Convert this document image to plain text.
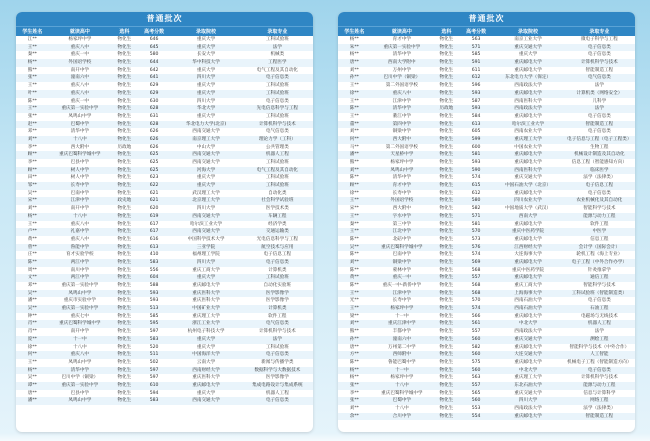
普通批次
学生姓名	就读高中	选科	高考分数	录取院校	录取专业
江**	杨家坪中学	物化生	646	重庆大学	工科试验班
王**	重庆八中	物化生	645	重庆大学	法学
秦**	重庆一中	物化生	580	长安大学	机械类
杨**	外国语学校	物化生	644	华中科技大学	工程医学
熊**	南开中学	物化生	642	重庆大学	电气工程及其自动化
张**	潼南六中	物化生	641	四川大学	电子信息类
王**	重庆八中	物化生	629	重庆大学	工科试验班
叶**	重庆八中	物化生	629	重庆大学	工科试验班
陈**	重庆一中	物化生	630	四川大学	电子信息类
王**	重庆第一实验中学	物化生	628	华北大学	先电信息科学与工程
张**	凤鸣山中学	物化生	631	重庆大学	工科试验班
赵**	巴蜀中学	物化生	628	华北电力大学(北京)	计算机科学与技术
邓**	清华中学	物化生	626	西南交通大学	电气信息类
刘**	十八中	物化生	626	南京理工大学	理论力学（工科）
李**	西大附中	历政地	626	中山大学	公共管理类
顾**	重庆巴蜀科学城中学	物化生	625	西南交通大学	机器人工程
李**	巴县中学	物化生	625	西南交通大学	工科试验班
顾**	树人中学	物化生	625	河海大学	电气工程及其自动化
田**	树人中学	物化生	623	重庆大学	工科试验班
邹**	长寿中学	物化生	622	重庆大学	工科试验班
吴**	巴南中学	物化生	621	武汉理工大学	自动化类
宋**	江津中学	政史地	621	北京理工大学	社会科学试验班
刘**	南开中学	物化生	620	四川大学	医学技术类
杨**	十八中	物化生	619	西南交通大学	车辆工程
王**	重庆八中	物化生	617	哈尔滨工业大学	经济学类
卢**	礼嘉中学	物化生	617	西南交通大学	交通运输类
黄**	重庆八中	物化生	616	中国科学技术大学	光电信息科学与工程
曾**	鲁能中学	物化生	613	三亚学院	航空技术与应用
庄**	育才实验学校	物化生	410	福州理工学院	电子信息工程
陈**	两江中学	物化生	583	四川大学	电子信息类
周**	南川中学	物化生	556	重庆工商大学	计算机类
文**	两江中学	物化生	604	重庆大学	工科试验班
邓**	重庆第一实验中学	物化生	588	重庆邮电大学	自动化实验班
吴**	凤鸣山中学	物化生	593	重庆医科大学	医学影像学
潘**	重庆市实验中学	物化生	593	重庆医科大学	医学影像学
吴**	重庆第一实验中学	物化生	513	中国矿业大学	计算机类
钟**	重庆七中	物化生	585	重庆理工大学	软件工程
肖**	重庆巴蜀科学城中学	物化生	595	浙江工业大学	电气信息类
肖**	南开中学	物化生	597	杭州电子科技大学	计算机科学与技术
庞**	十一中	物化生	583	重庆大学	法学
徐**	十八中	物化生	520	重庆大学	工科试验班
何**	重庆八中	物化生	511	中国海洋大学	电子信息类
王**	凤鸣山中学	物化生	502	云南大学	新闻与传播学类
杨**	清华中学	物化生	597	西南财经大学	数据科学与大数据技术
吴**	巴川中学（铜梁）	物化生	597	重庆医科大学	医学影像学
谭**	重庆第一实验中学	物化生	610	重庆邮电大学	集成电路设计与集成系统
唐**	巴县中学	物化生	594	重庆大学	机器人工程
潘**	凤鸣山中学	物化生	583	西南交通大学	电子信息类
普通批次
学生姓名	就读高中	选科	高考分数	录取院校	录取专业
杨**	育才中学	物化生	563	南京工业大学	微电子科学与工程
朱**	重庆第一实验中学	物化生	571	重庆交通大学	电子信息类
杨**	清华中学	物化生	585	重庆大学	电子信息类
唐**	西南大学附中	物化生	591	重庆邮电大学	计算机科学与技术
刘**	万州中学	物化生	611	重庆邮电大学	智能制造工程
孙**	巴川中学（铜梁）	物化生	612	东北电力大学（保定）	电气信息类
王**	第二外国语学校	物化生	596	西南政法大学	法学
徐**	重庆八中	物化生	593	重庆邮电大学	计算机类（网络安全）
王**	江津中学	物化生	587	西南医科大学	儿科学
陈**	清华中学	历政地	593	西南政法大学	法学
王**	綦江中学	物化生	584	重庆邮电大学	电子信息类
董**	第四中学	物化生	613	哈尔滨工业大学	智能制造工程
刘**	铜梁中学	物化生	605	西南农业大学	电子信息类
何**	西大附中	物化生	599	重庆理工大学	电子信息与工程（电子工程类）
马**	第二外国语学校	物化生	600	中国农业大学	生物工程
潘**	天星桥中学	物化生	581	重庆邮电大学	机械设计制造及其自动化
熊**	杨家坪中学	物化生	593	重庆邮电大学	信息工程（智能感知方向）
刘**	凤鸣山中学	物化生	590	西南医科大学	临床医学
陈**	清华中学	物化生	574	重庆交通大学	法学（法律类）
顾**	育才中学	物化生	615	中国石油大学（北京）	电子信息工程
徐**	长寿中学	物化生	612	重庆邮电大学	电子信息类
王**	外国语学校	物化生	580	四川农业大学	农业机械化及其自动化
宋**	西大附中	物化生	582	中国地质大学（武汉）	智能科学与技术
王**	字水中学	物化生	571	西南大学	能源与动力工程
秦**	第三中学	物化生	581	重庆邮电大学	软件工程
王**	江北中学	物化生	570	重庆中医药学院	中医学
陈**	北碚中学	物化生	573	重庆邮电大学	信息工程
吴**	重庆巴蜀科学城中学	物化生	576	江西财经大学	会计学（国际会计）
陈**	巴南中学	物化生	574	大连海事大学	轮机工程（海上专业）
刘**	铜梁中学	物化生	569	重庆邮电大学	电子工程（中外合作办学）
陈**	蒙林中学	物化生	568	重庆中医药学院	针灸推拿学
黄**	重庆一中	物化生	557	重庆邮电大学	通信工程
陈**	重庆一中-新侨中学	物化生	568	重庆工商大学	智能科学与技术
王**	江津中学	物化生	568	上海海事大学	工科试验班（智能制造类）
光**	长寿中学	物化生	570	西南石油大学	电子信息类
王**	杨家坪中学	物化生	574	西南石油大学	石油工程
梁**	十一中	物化生	566	重庆邮电大学	电磁场与无线技术
刘**	重庆江津中学	物化生	561	中北大学	机器人工程
熊**	丰都中学	物化生	557	西南政法大学	法学
孙**	潼南六中	物化生	560	重庆交通大学	测绘工程
唐**	万州第二中学	物化生	582	重庆邮电大学	智能科学与技术（中外合作）
方**	西师附中	物化生	560	大连交通大学	人工智能
陈**	鲁能巴蜀中学	物化生	575	重庆邮电大学	机械电子工程（智能制造方向）
杨**	十一中	物化生	560	中北大学	电子信息类
杨**	杨家坪中学	物化生	563	重庆理工大学	计算机科学与技术
张**	十八中	物化生	557	东北石油大学	能源与动力工程
李**	重庆巴蜀科学城中学	物化生	565	重庆交通大学	信息与计算科学
张**	巴蜀中学	物化生	560	四川大学	网络工程
刘**	十八中	物化生	553	西南政法大学	法学（法律类）
余**	合川中学	物化生	554	重庆邮电大学	智能制造工程
